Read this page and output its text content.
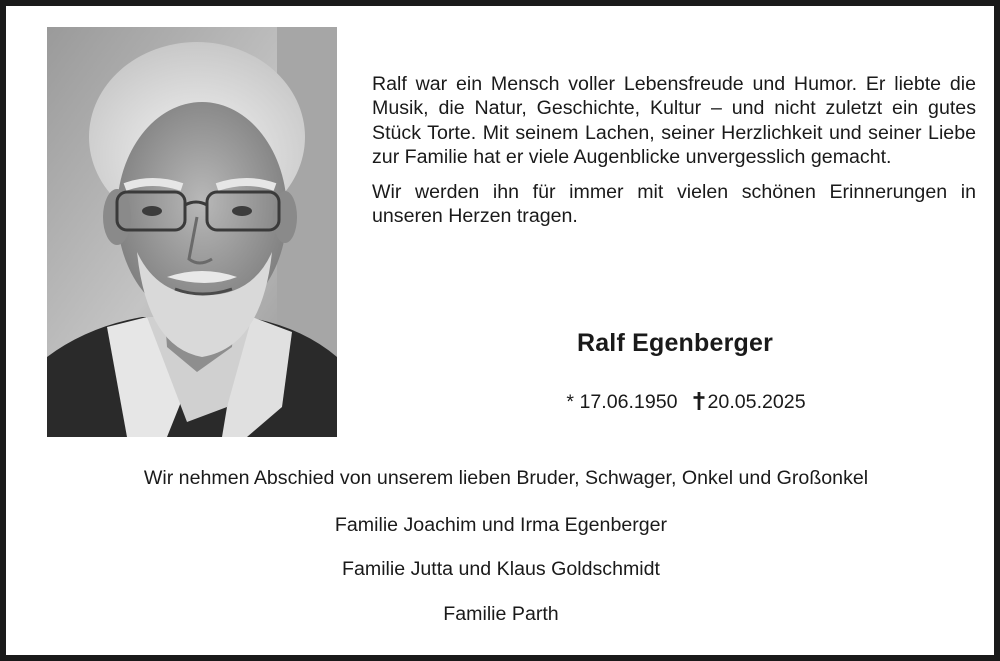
Ralf war ein Mensch voller Lebensfreude und Humor. Er liebte die Musik, die Natur, Geschichte, Kultur – und nicht zuletzt ein gutes Stück Torte. Mit seinem Lachen, seiner Herzlichkeit und seiner Liebe zur Familie hat er viele Augenblicke unvergesslich gemacht.

Wir werden ihn für immer mit vielen schönen Erinnerungen in unseren Herzen tragen.

Ralf Egenberger
* 17.06.1950 20.05.2025
Wir nehmen Abschied von unserem lieben Bruder, Schwager, Onkel und Großonkel
Familie Joachim und Irma Egenberger
Familie Jutta und Klaus Goldschmidt
Familie Parth
